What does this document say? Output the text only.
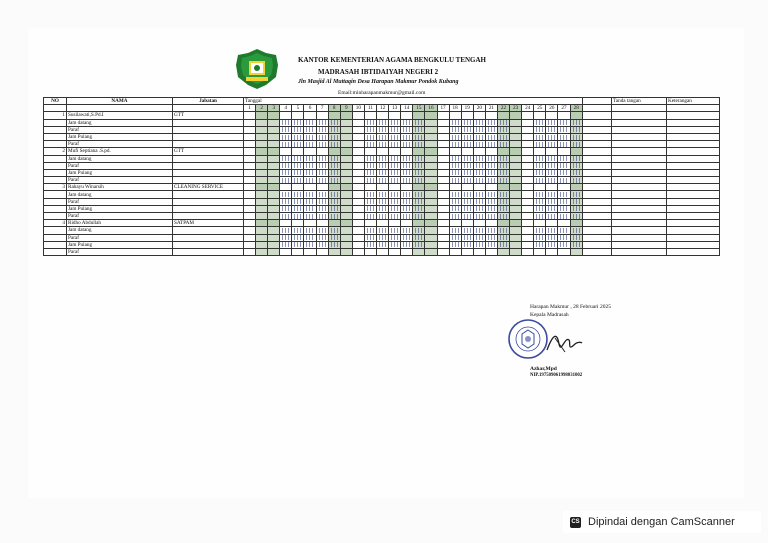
KANTOR KEMENTERIAN AGAMA BENGKULU TENGAH
MADRASAH IBTIDAIYAH NEGERI 2
Jln Masjid Al Muttaqin Desa Harapan Makmur Pondok Kubang
Email:minharapanmakmur@gmail.com
NO	NAMA	Jabatan	Tanggal																													Tanda tangan	Keterangan
			1	2	3	4	5	6	7	8	9	10	11	12	13	14	15	16	17	18	19	20	21	22	23	24	25	26	27	28			
1	Susilawati,S.Pd.I	GTT																															
	Jam datang					

	Paraf					

	Jam Pulang					

	Paraf					

2	Mufi Septiana .S.pd.	GTT																															
	Jam datang					

	Paraf					

	Jam Pulang					

	Paraf					

3	Rahayu Winarsih	CLEANING SERVICE																															
	Jam datang					

	Paraf					

	Jam Pulang					

	Paraf					

4	Ridho Abdullah	SATPAM																															
	Jam datang					

	Paraf					

	Jam Pulang					

	Paraf																																
Harapan Makmur , 28 Februari 2025
Kepala Madrasah
Azhar,Mpd
NIP.197509061998031002
CS Dipindai dengan CamScanner
